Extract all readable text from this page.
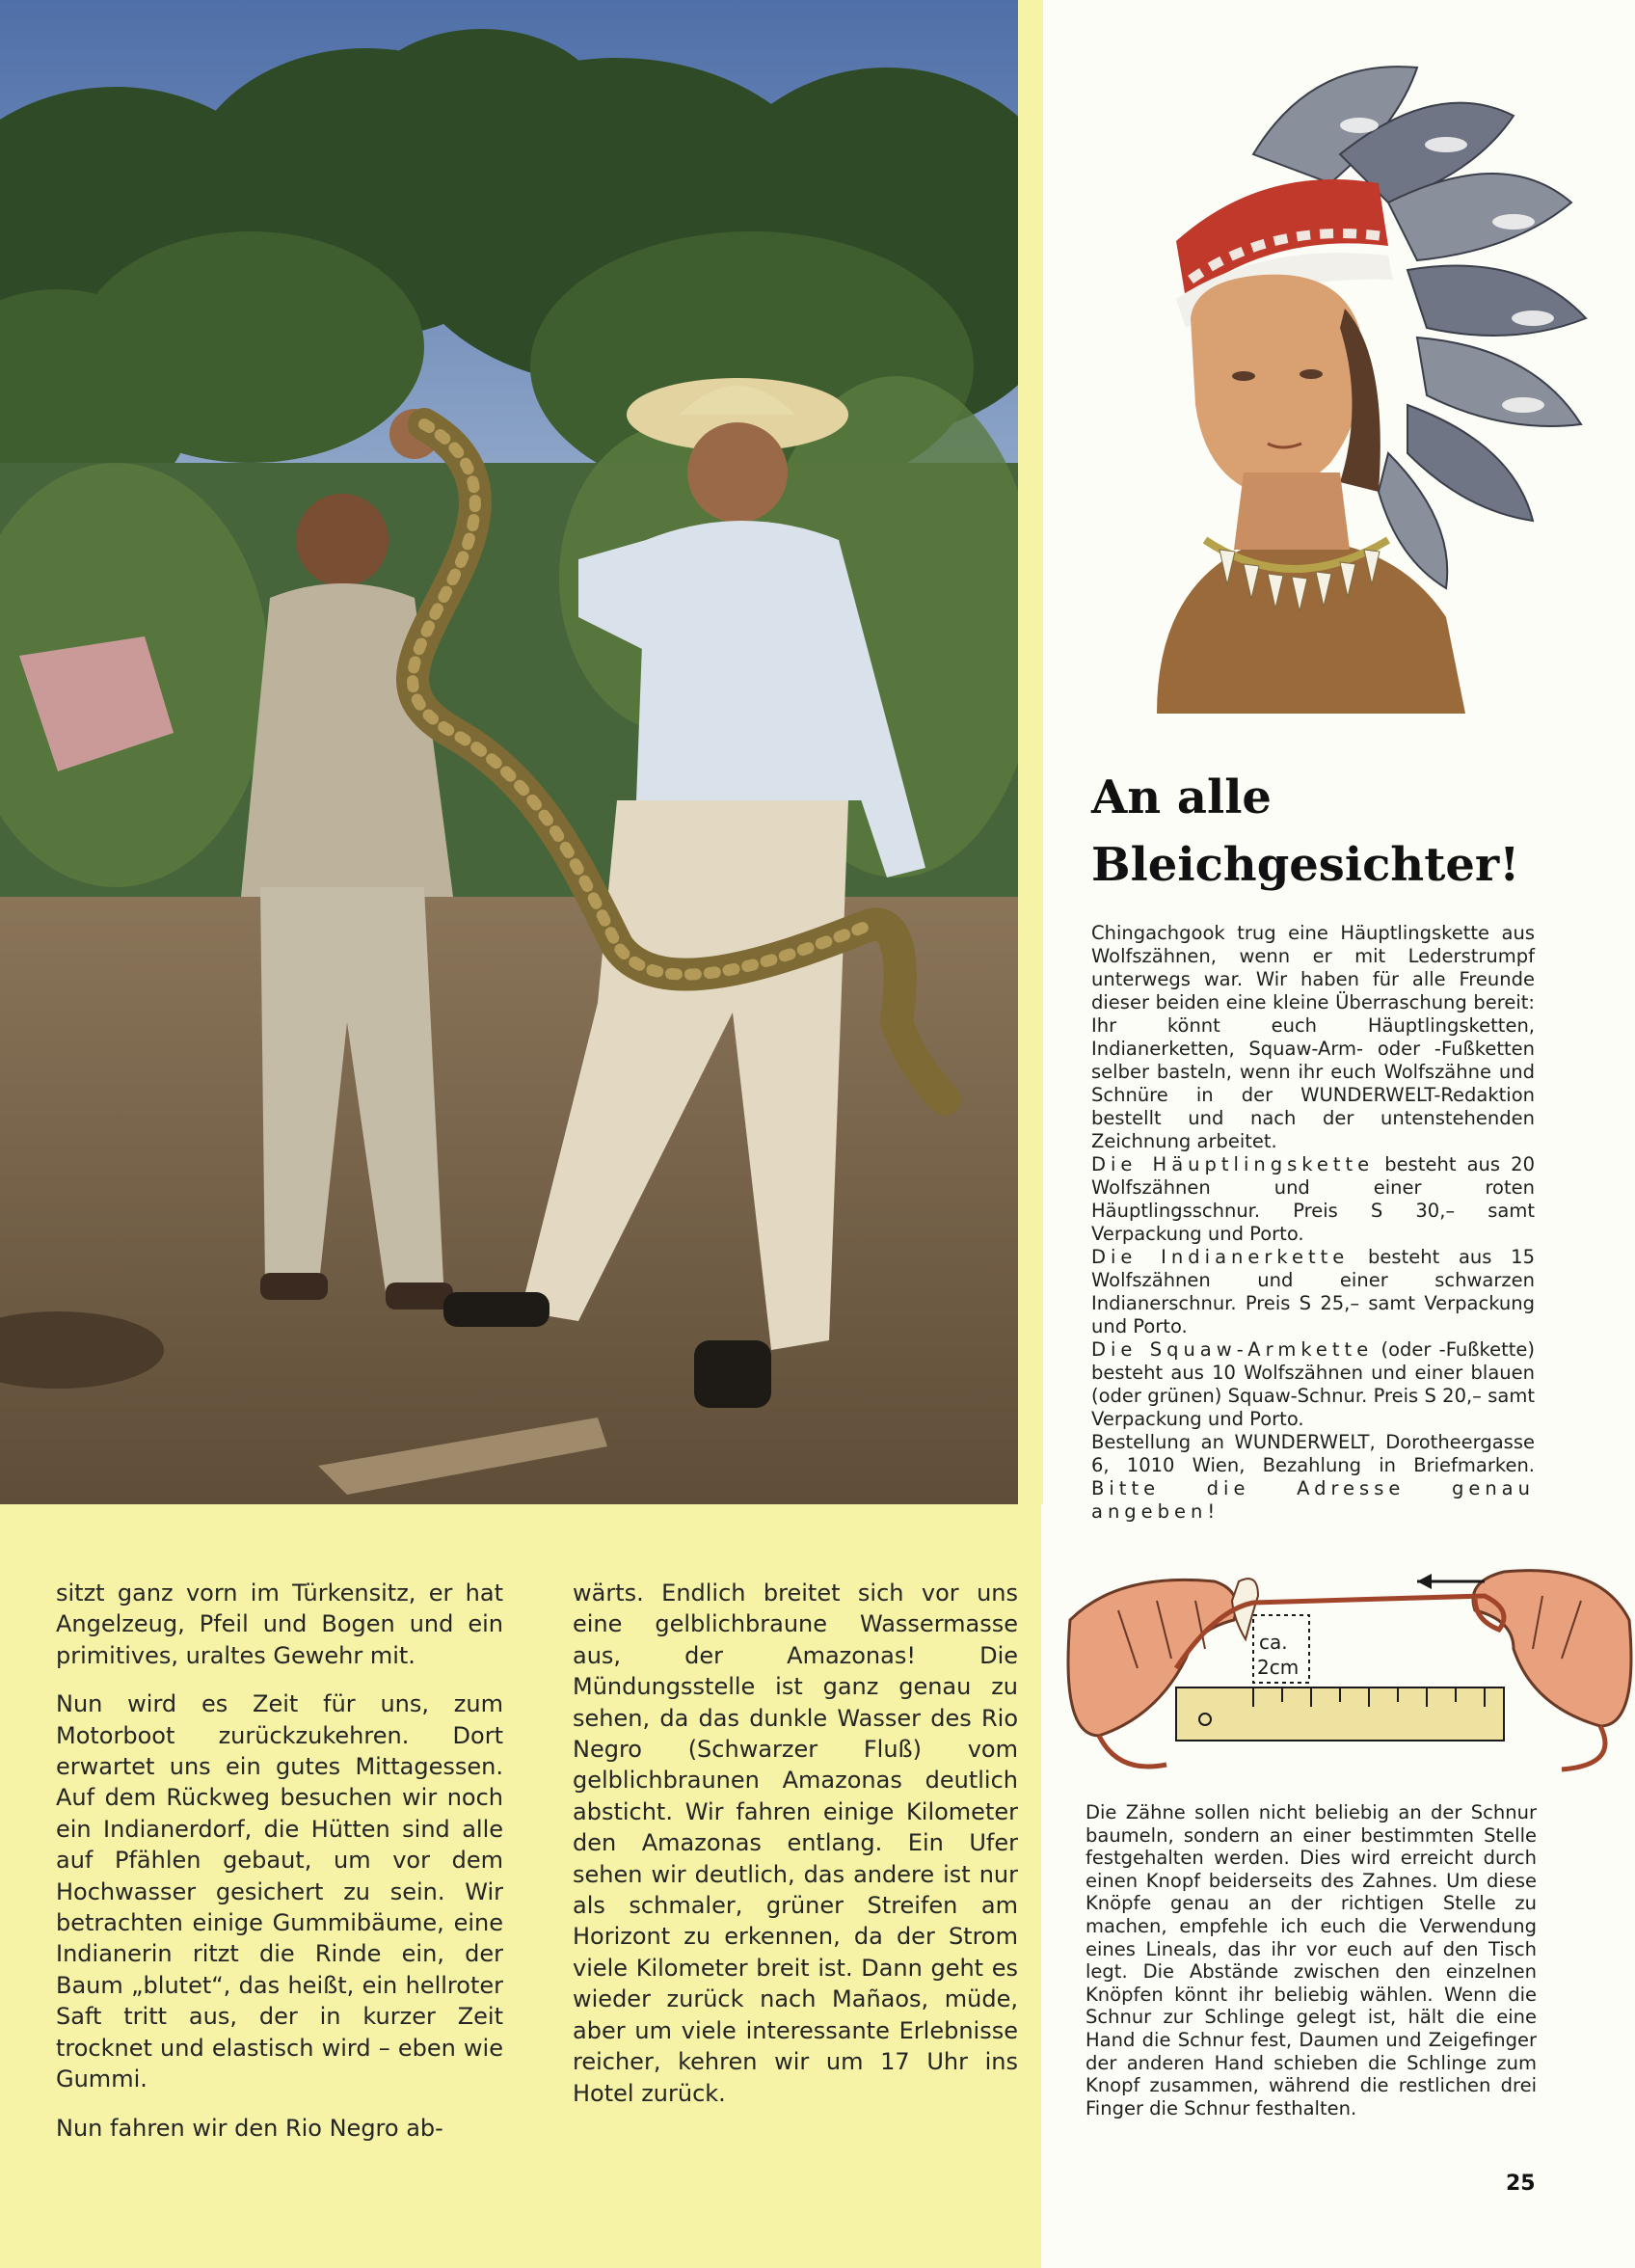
An alle
Bleichgesichter!

Chingachgook trug eine Häuptlingskette aus Wolfszähnen, wenn er mit Lederstrumpf unterwegs war. Wir haben für alle Freunde dieser beiden eine kleine Überraschung bereit: Ihr könnt euch Häuptlingsketten, Indianerketten, Squaw-Arm- oder -Fußketten selber basteln, wenn ihr euch Wolfszähne und Schnüre in der WUNDERWELT-Redaktion bestellt und nach der untenstehenden Zeichnung arbeitet.

Die Häuptlingskette besteht aus 20 Wolfszähnen und einer roten Häuptlingsschnur. Preis S 30,– samt Verpackung und Porto.

Die Indianerkette besteht aus 15 Wolfszähnen und einer schwarzen Indianerschnur. Preis S 25,– samt Verpackung und Porto.

Die Squaw-Armkette (oder -Fußkette) besteht aus 10 Wolfszähnen und einer blauen (oder grünen) Squaw-Schnur. Preis S 20,– samt Verpackung und Porto.

Bestellung an WUNDERWELT, Dorotheergasse 6, 1010 Wien, Bezahlung in Briefmarken. Bitte die Adresse genau angeben!

ca.
2cm
Die Zähne sollen nicht beliebig an der Schnur baumeln, sondern an einer bestimmten Stelle festgehalten werden. Dies wird erreicht durch einen Knopf beiderseits des Zahnes. Um diese Knöpfe genau an der richtigen Stelle zu machen, empfehle ich euch die Verwendung eines Lineals, das ihr vor euch auf den Tisch legt. Die Abstände zwischen den einzelnen Knöpfen könnt ihr beliebig wählen. Wenn die Schnur zur Schlinge gelegt ist, hält die eine Hand die Schnur fest, Daumen und Zeigefinger der anderen Hand schieben die Schlinge zum Knopf zusammen, während die restlichen drei Finger die Schnur festhalten.

sitzt ganz vorn im Türkensitz, er hat Angelzeug, Pfeil und Bogen und ein primitives, uraltes Gewehr mit.

Nun wird es Zeit für uns, zum Motorboot zurückzukehren. Dort erwartet uns ein gutes Mittagessen. Auf dem Rückweg besuchen wir noch ein Indianerdorf, die Hütten sind alle auf Pfählen gebaut, um vor dem Hochwasser gesichert zu sein. Wir betrachten einige Gummibäume, eine Indianerin ritzt die Rinde ein, der Baum „blutet“, das heißt, ein hellroter Saft tritt aus, der in kurzer Zeit trocknet und elastisch wird – eben wie Gummi.

Nun fahren wir den Rio Negro ab-

wärts. Endlich breitet sich vor uns eine gelblichbraune Wassermasse aus, der Amazonas! Die Mündungsstelle ist ganz genau zu sehen, da das dunkle Wasser des Rio Negro (Schwarzer Fluß) vom gelblichbraunen Amazonas deutlich absticht. Wir fahren einige Kilometer den Amazonas entlang. Ein Ufer sehen wir deutlich, das andere ist nur als schmaler, grüner Streifen am Horizont zu erkennen, da der Strom viele Kilometer breit ist. Dann geht es wieder zurück nach Mañaos, müde, aber um viele interessante Erlebnisse reicher, kehren wir um 17 Uhr ins Hotel zurück.

25
